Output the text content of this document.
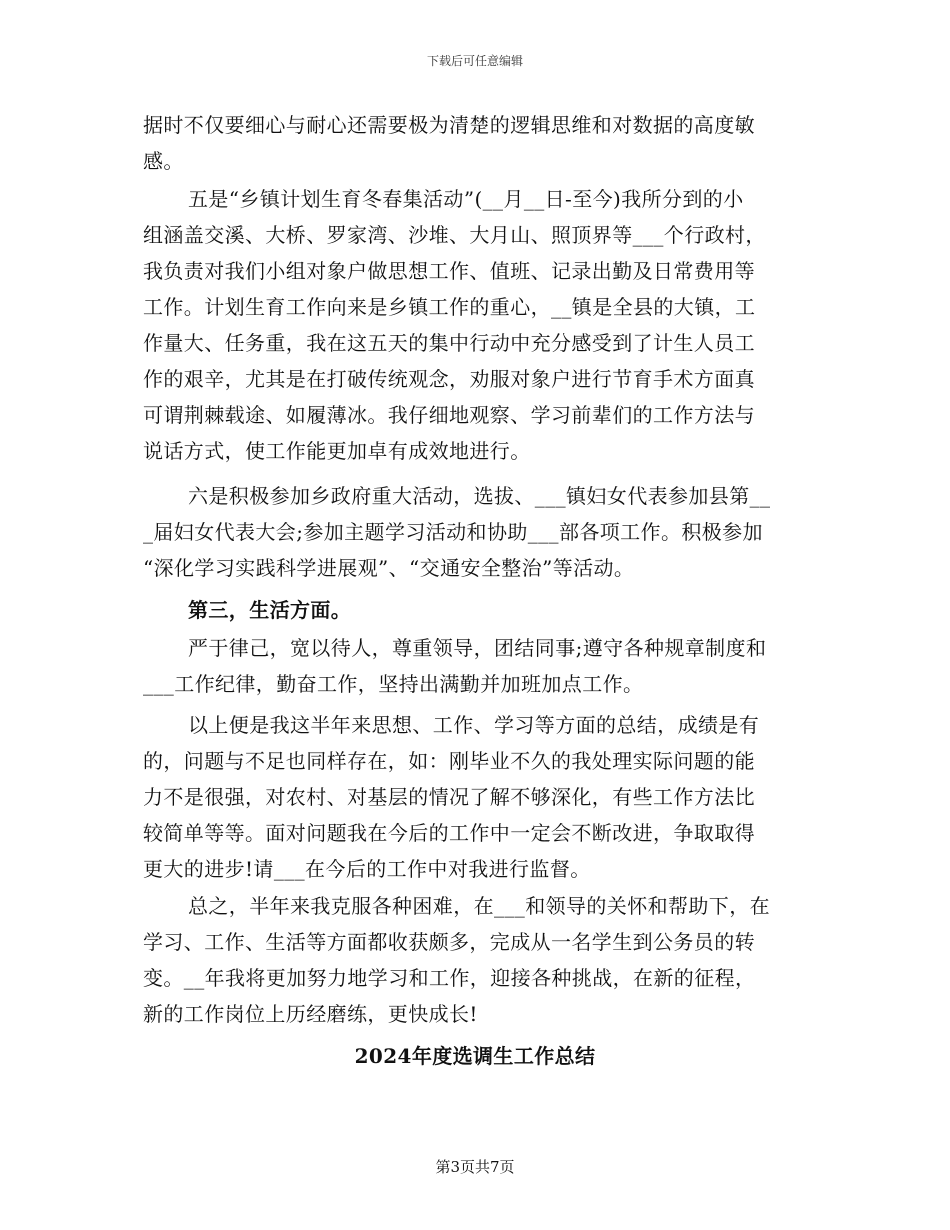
下载后可任意编辑
据时不仅要细心与耐心还需要极为清楚的逻辑思维和对数据的高度敏
感。
五是“乡镇计划生育冬春集活动”(__月__日-至今)我所分到的小
组涵盖交溪、大桥、罗家湾、沙堆、大月山、照顶界等___个行政村，
我负责对我们小组对象户做思想工作、值班、记录出勤及日常费用等
工作。计划生育工作向来是乡镇工作的重心，__镇是全县的大镇，工
作量大、任务重，我在这五天的集中行动中充分感受到了计生人员工
作的艰辛，尤其是在打破传统观念，劝服对象户进行节育手术方面真
可谓荆棘载途、如履薄冰。我仔细地观察、学习前辈们的工作方法与
说话方式，使工作能更加卓有成效地进行。
六是积极参加乡政府重大活动，选拔、___镇妇女代表参加县第__
_届妇女代表大会;参加主题学习活动和协助___部各项工作。积极参加
“深化学习实践科学进展观”、“交通安全整治”等活动。
第三，生活方面。
严于律己，宽以待人，尊重领导，团结同事;遵守各种规章制度和
___工作纪律，勤奋工作，坚持出满勤并加班加点工作。
以上便是我这半年来思想、工作、学习等方面的总结，成绩是有
的，问题与不足也同样存在，如：刚毕业不久的我处理实际问题的能
力不是很强，对农村、对基层的情况了解不够深化，有些工作方法比
较简单等等。面对问题我在今后的工作中一定会不断改进，争取取得
更大的进步!请___在今后的工作中对我进行监督。
总之，半年来我克服各种困难，在___和领导的关怀和帮助下，在
学习、工作、生活等方面都收获颇多，完成从一名学生到公务员的转
变。__年我将更加努力地学习和工作，迎接各种挑战，在新的征程，
新的工作岗位上历经磨练，更快成长!
2024年度选调生工作总结
第3页共7页
